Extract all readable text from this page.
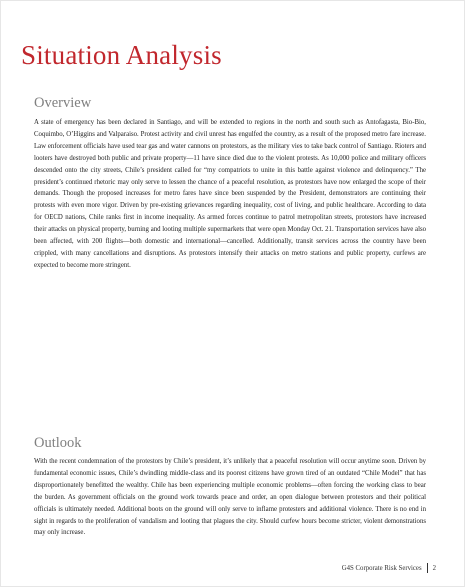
Situation Analysis
Overview

A state of emergency has been declared in Santiago, and will be extended to regions in the north and south such as Antofagasta, Bio-Bio, Coquimbo, O’Higgins and Valparaiso. Protest activity and civil unrest has engulfed the country, as a result of the proposed metro fare increase. Law enforcement officials have used tear gas and water cannons on protestors, as the military vies to take back control of Santiago. Rioters and looters have destroyed both public and private property—11 have since died due to the violent protests. As 10,000 police and military officers descended onto the city streets, Chile’s president called for “my compatriots to unite in this battle against violence and delinquency.” The president’s continued rhetoric may only serve to lessen the chance of a peaceful resolution, as protestors have now enlarged the scope of their demands. Though the proposed increases for metro fares have since been suspended by the President, demonstrators are continuing their protests with even more vigor. Driven by pre-existing grievances regarding inequality, cost of living, and public healthcare. According to data for OECD nations, Chile ranks first in income inequality. As armed forces continue to patrol metropolitan streets, protestors have increased their attacks on physical property, burning and looting multiple supermarkets that were open Monday Oct. 21. Transportation services have also been affected, with 200 flights—both domestic and international—cancelled. Additionally, transit services across the country have been crippled, with many cancellations and disruptions. As protestors intensify their attacks on metro stations and public property, curfews are expected to become more stringent.

Outlook

With the recent condemnation of the protestors by Chile’s president, it’s unlikely that a peaceful resolution will occur anytime soon. Driven by fundamental economic issues, Chile’s dwindling middle-class and its poorest citizens have grown tired of an outdated “Chile Model” that has disproportionately benefitted the wealthy. Chile has been experiencing multiple economic problems—often forcing the working class to bear the burden. As government officials on the ground work towards peace and order, an open dialogue between protestors and their political officials is ultimately needed. Additional boots on the ground will only serve to inflame protesters and additional violence. There is no end in sight in regards to the proliferation of vandalism and looting that plagues the city. Should curfew hours become stricter, violent demonstrations may only increase.

G4S Corporate Risk Services 2
